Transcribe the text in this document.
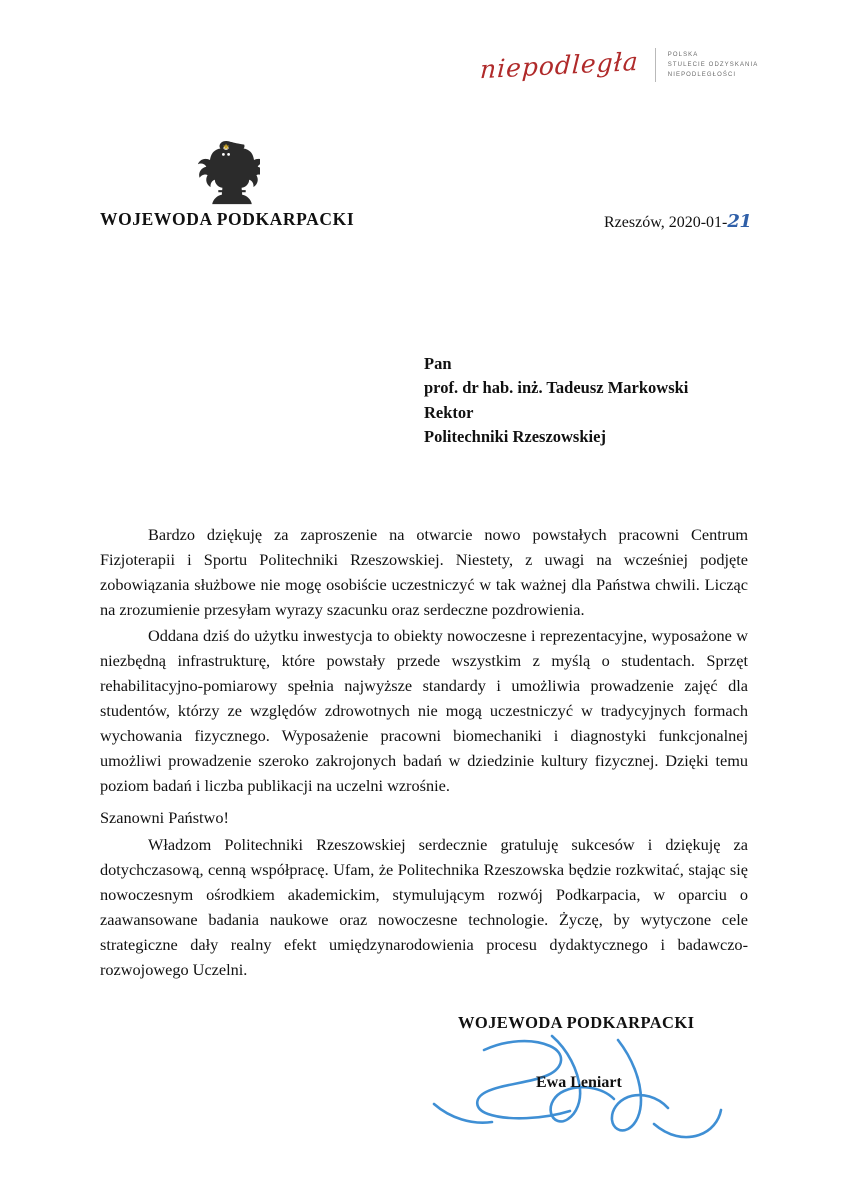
niepodległa	POLSKA
STULECIE ODZYSKANIA
NIEPODLEGŁOŚCI
WOJEWODA PODKARPACKI	Rzeszów, 2020-01-21
Pan
prof. dr hab. inż. Tadeusz Markowski
Rektor
Politechniki Rzeszowskiej

Bardzo dziękuję za zaproszenie na otwarcie nowo powstałych pracowni Centrum Fizjoterapii i Sportu Politechniki Rzeszowskiej. Niestety, z uwagi na wcześniej podjęte zobowiązania służbowe nie mogę osobiście uczestniczyć w tak ważnej dla Państwa chwili. Licząc na zrozumienie przesyłam wyrazy szacunku oraz serdeczne pozdrowienia.

Oddana dziś do użytku inwestycja to obiekty nowoczesne i reprezentacyjne, wyposażone w niezbędną infrastrukturę, które powstały przede wszystkim z myślą o studentach. Sprzęt rehabilitacyjno-pomiarowy spełnia najwyższe standardy i umożliwia prowadzenie zajęć dla studentów, którzy ze względów zdrowotnych nie mogą uczestniczyć w tradycyjnych formach wychowania fizycznego. Wyposażenie pracowni biomechaniki i diagnostyki funkcjonalnej umożliwi prowadzenie szeroko zakrojonych badań w dziedzinie kultury fizycznej. Dzięki temu poziom badań i liczba publikacji na uczelni wzrośnie.

Szanowni Państwo!

Władzom Politechniki Rzeszowskiej serdecznie gratuluję sukcesów i dziękuję za dotychczasową, cenną współpracę. Ufam, że Politechnika Rzeszowska będzie rozkwitać, stając się nowoczesnym ośrodkiem akademickim, stymulującym rozwój Podkarpacia, w oparciu o zaawansowane badania naukowe oraz nowoczesne technologie. Życzę, by wytyczone cele strategiczne dały realny efekt umiędzynarodowienia procesu dydaktycznego i badawczo-rozwojowego Uczelni.

WOJEWODA PODKARPACKI
Ewa Leniart
